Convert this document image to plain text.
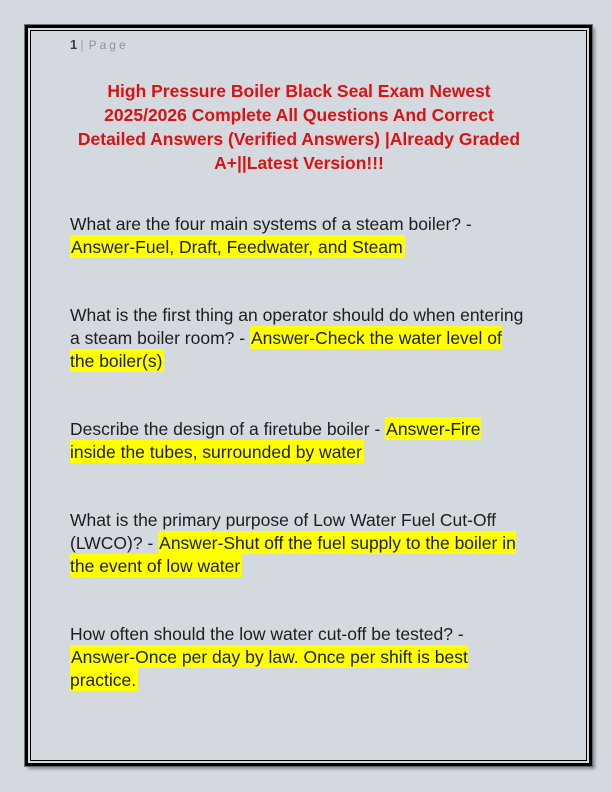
1 | Page
High Pressure Boiler Black Seal Exam Newest
2025/2026 Complete All Questions And Correct
Detailed Answers (Verified Answers) |Already Graded
A+||Latest Version!!!

What are the four main systems of a steam boiler? - Answer-Fuel, Draft, Feedwater, and Steam

What is the first thing an operator should do when entering a steam boiler room? - Answer-Check the water level of the boiler(s)

Describe the design of a firetube boiler - Answer-Fire inside the tubes, surrounded by water

What is the primary purpose of Low Water Fuel Cut-Off (LWCO)? - Answer-Shut off the fuel supply to the boiler in the event of low water

How often should the low water cut-off be tested? - Answer-Once per day by law. Once per shift is best practice.
